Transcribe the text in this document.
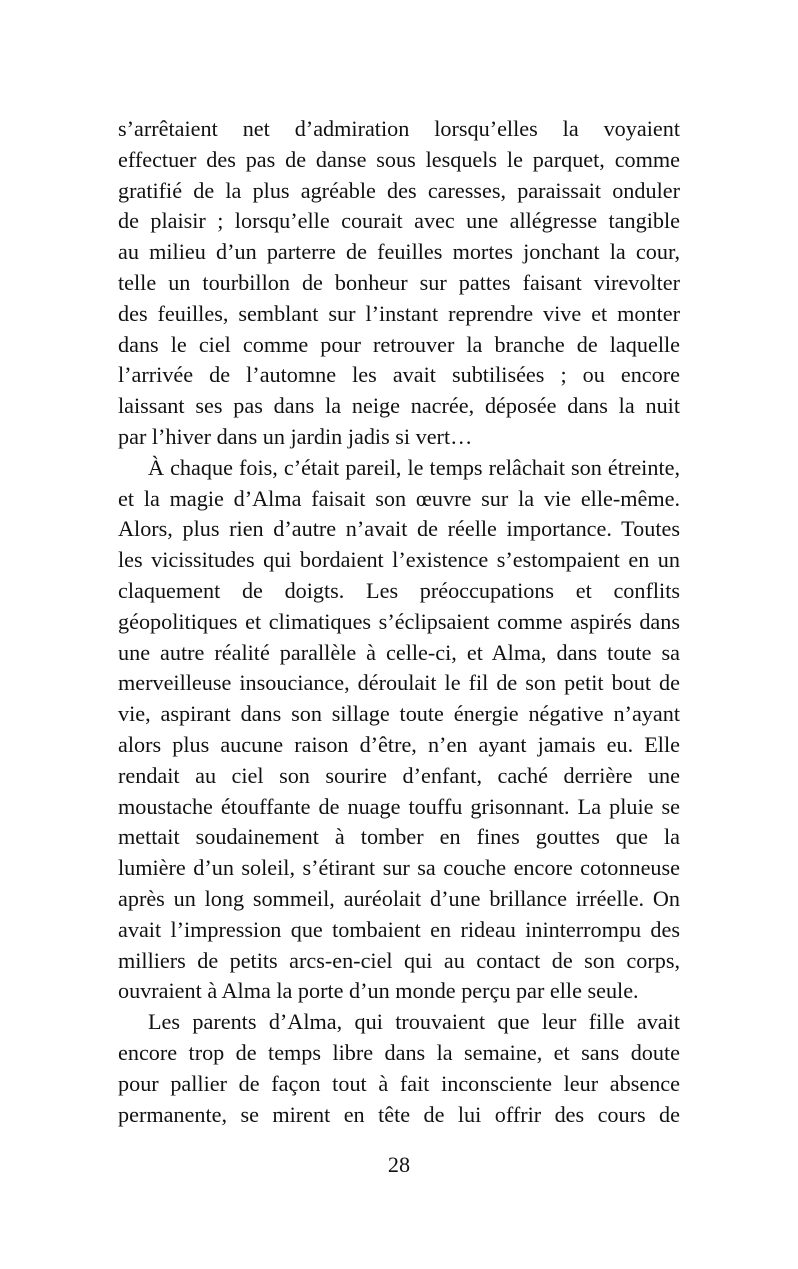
s’arrêtaient net d’admiration lorsqu’elles la voyaient
effectuer des pas de danse sous lesquels le parquet, comme
gratifié de la plus agréable des caresses, paraissait onduler
de plaisir ; lorsqu’elle courait avec une allégresse tangible
au milieu d’un parterre de feuilles mortes jonchant la cour,
telle un tourbillon de bonheur sur pattes faisant virevolter
des feuilles, semblant sur l’instant reprendre vive et monter
dans le ciel comme pour retrouver la branche de laquelle
l’arrivée de l’automne les avait subtilisées ; ou encore
laissant ses pas dans la neige nacrée, déposée dans la nuit
par l’hiver dans un jardin jadis si vert…
À chaque fois, c’était pareil, le temps relâchait son étreinte,
et la magie d’Alma faisait son œuvre sur la vie elle-même.
Alors, plus rien d’autre n’avait de réelle importance. Toutes
les vicissitudes qui bordaient l’existence s’estompaient en un
claquement de doigts. Les préoccupations et conflits
géopolitiques et climatiques s’éclipsaient comme aspirés dans
une autre réalité parallèle à celle-ci, et Alma, dans toute sa
merveilleuse insouciance, déroulait le fil de son petit bout de
vie, aspirant dans son sillage toute énergie négative n’ayant
alors plus aucune raison d’être, n’en ayant jamais eu. Elle
rendait au ciel son sourire d’enfant, caché derrière une
moustache étouffante de nuage touffu grisonnant. La pluie se
mettait soudainement à tomber en fines gouttes que la
lumière d’un soleil, s’étirant sur sa couche encore cotonneuse
après un long sommeil, auréolait d’une brillance irréelle. On
avait l’impression que tombaient en rideau ininterrompu des
milliers de petits arcs-en-ciel qui au contact de son corps,
ouvraient à Alma la porte d’un monde perçu par elle seule.
Les parents d’Alma, qui trouvaient que leur fille avait
encore trop de temps libre dans la semaine, et sans doute
pour pallier de façon tout à fait inconsciente leur absence
permanente, se mirent en tête de lui offrir des cours de
28
